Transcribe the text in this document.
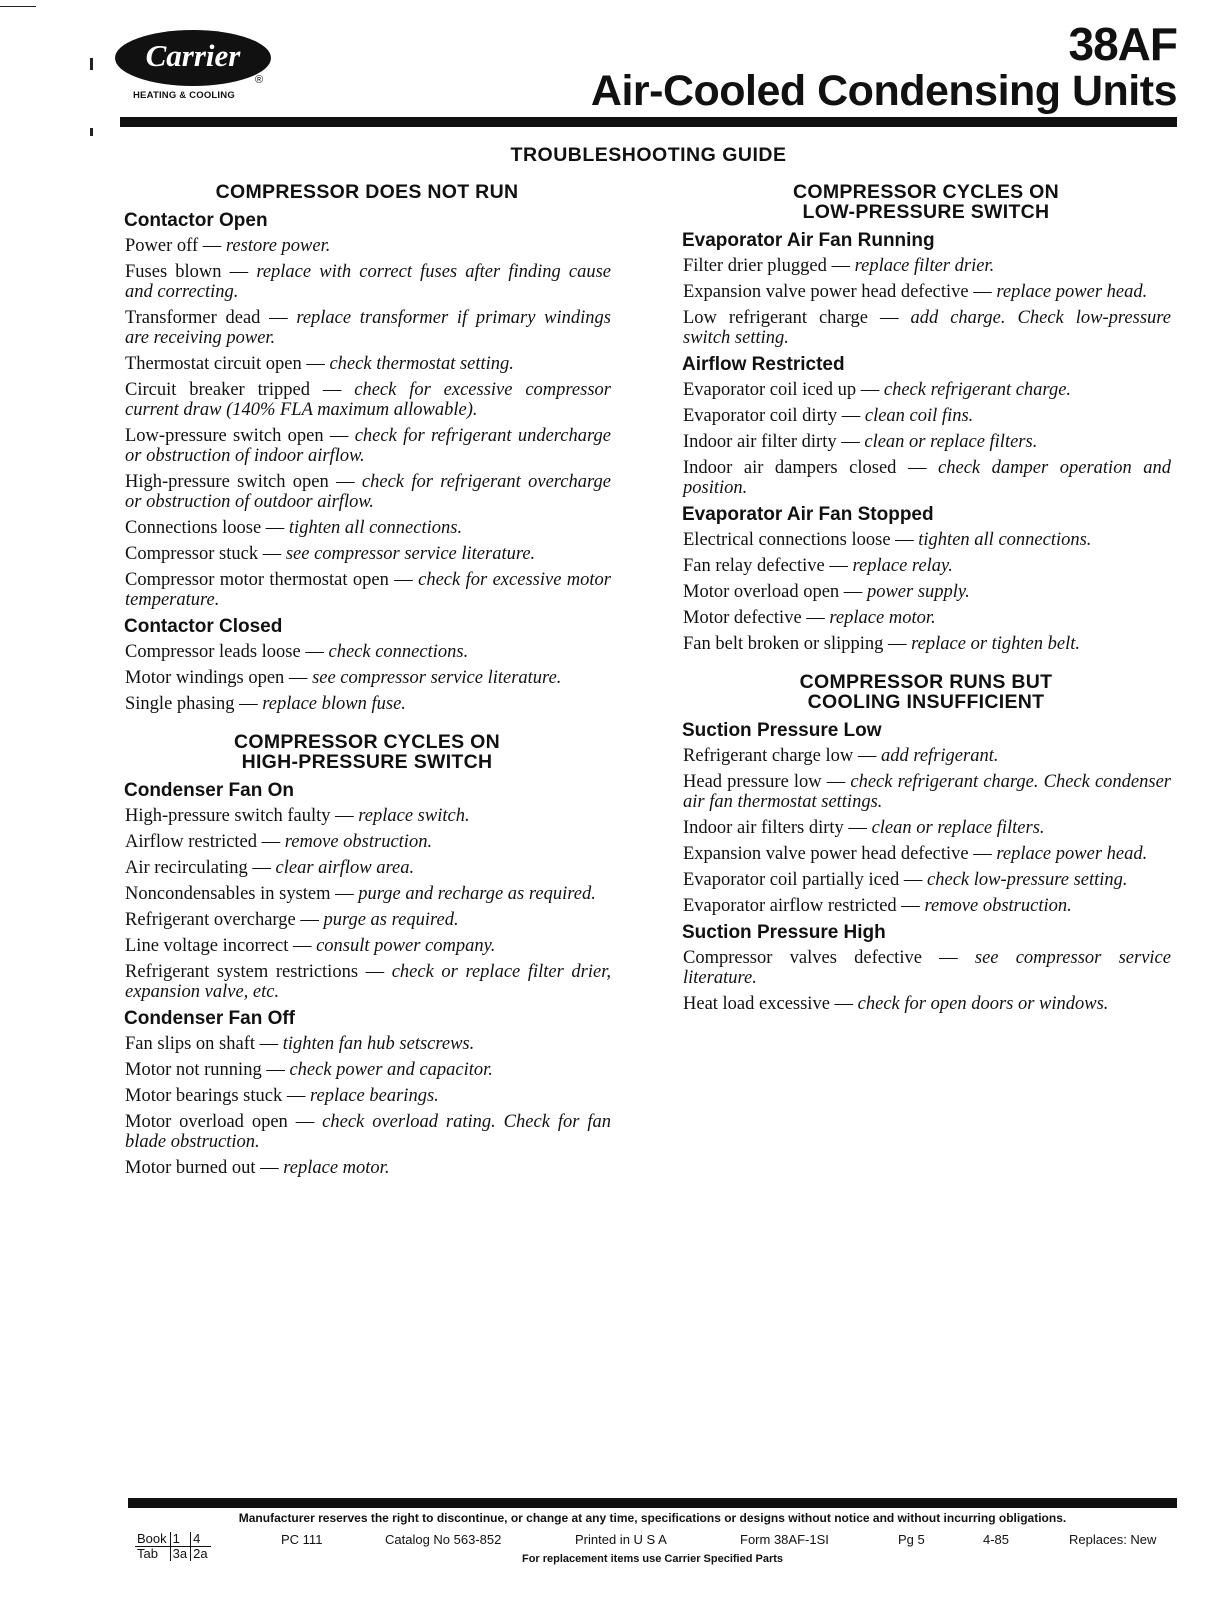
Carrier
®
HEATING & COOLING
38AF
Air-Cooled Condensing Units
TROUBLESHOOTING GUIDE
COMPRESSOR DOES NOT RUN
Contactor Open
Power off — restore power.
Fuses blown — replace with correct fuses after finding cause and correcting.
Transformer dead — replace transformer if primary windings are receiving power.
Thermostat circuit open — check thermostat setting.
Circuit breaker tripped — check for excessive compressor current draw (140% FLA maximum allowable).
Low-pressure switch open — check for refrigerant undercharge or obstruction of indoor airflow.
High-pressure switch open — check for refrigerant overcharge or obstruction of outdoor airflow.
Connections loose — tighten all connections.
Compressor stuck — see compressor service literature.
Compressor motor thermostat open — check for excessive motor temperature.
Contactor Closed
Compressor leads loose — check connections.
Motor windings open — see compressor service literature.
Single phasing — replace blown fuse.
COMPRESSOR CYCLES ON
HIGH-PRESSURE SWITCH
Condenser Fan On
High-pressure switch faulty — replace switch.
Airflow restricted — remove obstruction.
Air recirculating — clear airflow area.
Noncondensables in system — purge and recharge as required.
Refrigerant overcharge — purge as required.
Line voltage incorrect — consult power company.
Refrigerant system restrictions — check or replace filter drier, expansion valve, etc.
Condenser Fan Off
Fan slips on shaft — tighten fan hub setscrews.
Motor not running — check power and capacitor.
Motor bearings stuck — replace bearings.
Motor overload open — check overload rating. Check for fan blade obstruction.
Motor burned out — replace motor.
COMPRESSOR CYCLES ON
LOW-PRESSURE SWITCH
Evaporator Air Fan Running
Filter drier plugged — replace filter drier.
Expansion valve power head defective — replace power head.
Low refrigerant charge — add charge. Check low-pressure switch setting.
Airflow Restricted
Evaporator coil iced up — check refrigerant charge.
Evaporator coil dirty — clean coil fins.
Indoor air filter dirty — clean or replace filters.
Indoor air dampers closed — check damper operation and position.
Evaporator Air Fan Stopped
Electrical connections loose — tighten all connections.
Fan relay defective — replace relay.
Motor overload open — power supply.
Motor defective — replace motor.
Fan belt broken or slipping — replace or tighten belt.
COMPRESSOR RUNS BUT
COOLING INSUFFICIENT
Suction Pressure Low
Refrigerant charge low — add refrigerant.
Head pressure low — check refrigerant charge. Check condenser air fan thermostat settings.
Indoor air filters dirty — clean or replace filters.
Expansion valve power head defective — replace power head.
Evaporator coil partially iced — check low-pressure setting.
Evaporator airflow restricted — remove obstruction.
Suction Pressure High
Compressor valves defective — see compressor service literature.
Heat load excessive — check for open doors or windows.
Manufacturer reserves the right to discontinue, or change at any time, specifications or designs without notice and without incurring obligations.
Book	1	4
Tab	3a	2a
PC 111	Catalog No 563-852	Printed in U S A	Form 38AF-1SI	Pg 5	4-85	Replaces: New
For replacement items use Carrier Specified Parts
